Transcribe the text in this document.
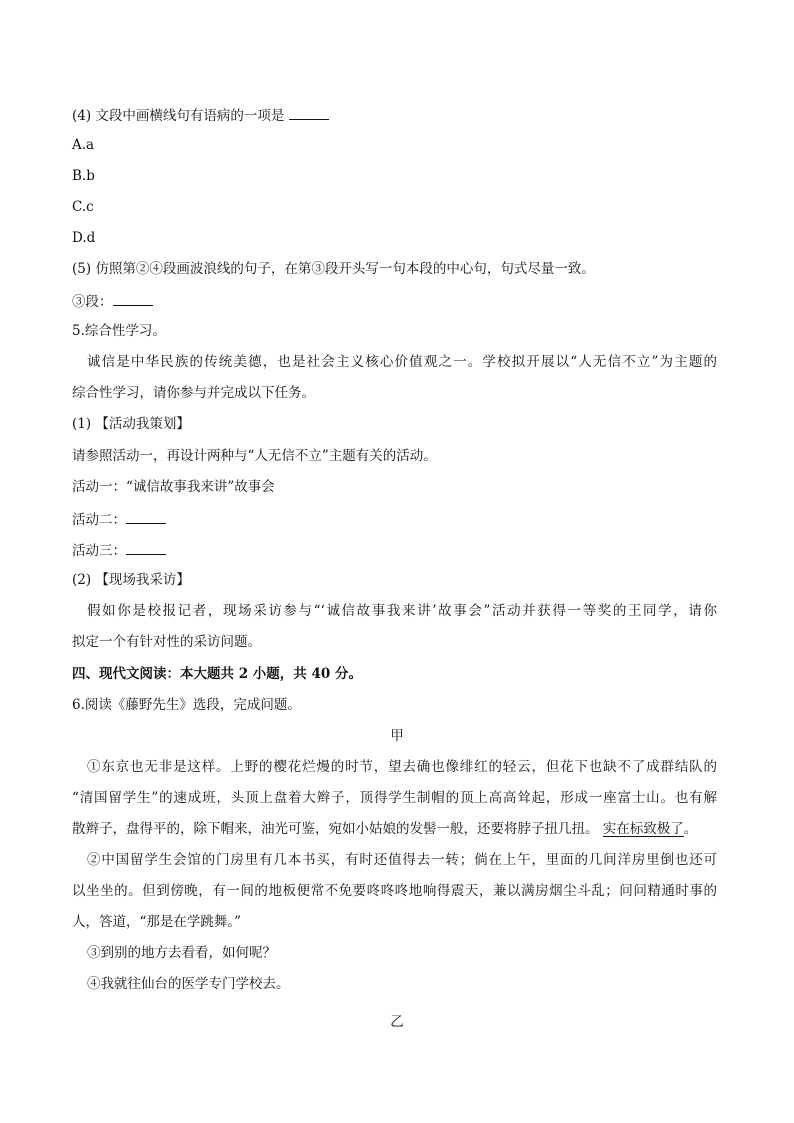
(4) 文段中画横线句有语病的一项是
A.a
B.b
C.c
D.d
(5) 仿照第②④段画波浪线的句子，在第③段开头写一句本段的中心句，句式尽量一致。
③段：
5.综合性学习。
诚信是中华民族的传统美德，也是社会主义核心价值观之一。学校拟开展以“人无信不立”为主题的
综合性学习，请你参与并完成以下任务。
(1) 【活动我策划】
请参照活动一，再设计两种与“人无信不立”主题有关的活动。
活动一：“诚信故事我来讲”故事会
活动二：
活动三：
(2) 【现场我采访】
假如你是校报记者，现场采访参与“‘诚信故事我来讲’故事会”活动并获得一等奖的王同学，请你
拟定一个有针对性的采访问题。
四、现代文阅读：本大题共 2 小题，共 40 分。
6.阅读《藤野先生》选段，完成问题。
甲
①东京也无非是这样。上野的樱花烂熳的时节，望去确也像绯红的轻云，但花下也缺不了成群结队的
“清国留学生”的速成班，头顶上盘着大辫子，顶得学生制帽的顶上高高耸起，形成一座富士山。也有解
散辫子，盘得平的，除下帽来，油光可鉴，宛如小姑娘的发髻一般，还要将脖子扭几扭。 实在标致极了。
②中国留学生会馆的门房里有几本书买，有时还值得去一转；倘在上午，里面的几间洋房里倒也还可
以坐坐的。但到傍晚，有一间的地板便常不免要咚咚咚地响得震天，兼以满房烟尘斗乱；问问精通时事的
人，答道，“那是在学跳舞。”
③到别的地方去看看，如何呢？
④我就往仙台的医学专门学校去。
乙
